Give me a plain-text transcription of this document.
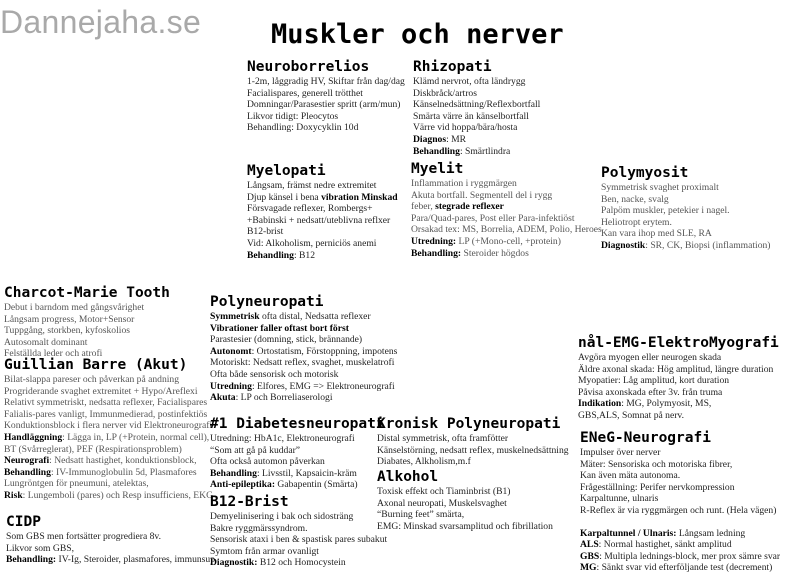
Dannejaha.se	Muskler och nerver
Neuroborrelios
1-2m, låggradig HV, Skiftar från dag/dag
Facialispares, generell trötthet
Domningar/Parasestier spritt (arm/mun)
Likvor tidigt: Pleocytos
Behandling: Doxycyklin 10d
Rhizopati
Klämd nervrot, ofta ländrygg
Diskbråck/artros
Känselnedsättning/Reflexbortfall
Smärta värre än känselbortfall
Värre vid hoppa/bära/hosta
Diagnos: MR
Behandling: Smärtlindra
Myelopati
Långsam, främst nedre extremitet
Djup känsel i bena vibration Minskad
Försvagade reflexer, Rombergs+
+Babinski + nedsatt/uteblivna reflxer
B12-brist
Vid: Alkoholism, perniciös anemi
Behandling: B12
Myelit
Inflammation i ryggmärgen
Akuta bortfall. Segmentell del i rygg
feber, stegrade reflexer
Para/Quad-pares, Post eller Para-infektiöst
Orsakad tex: MS, Borrelia, ADEM, Polio, Heroes
Utredning: LP (+Mono-cell, +protein)
Behandling: Steroider högdos
Polymyosit
Symmetrisk svaghet proximalt
Ben, nacke, svalg
Palpöm muskler, petekier i nagel.
Heliotropt erytem.
Kan vara ihop med SLE, RA
Diagnostik: SR, CK, Biopsi (inflammation)
Charcot-Marie Tooth
Debut i barndom med gångsvårighet
Långsam progress, Motor+Sensor
Tuppgång, storkben, kyfoskolios
Autosomalt dominant
Felställda leder och atrofi
Guillian Barre (Akut)
Bilat-slappa pareser och påverkan på andning
Progriderande svaghet extremitet + Hypo/Areflexi
Relativt symmetriskt, nedsatta reflexer, Facialispares
Falialis-pares vanligt, Immunmedierad, postinfektiös
Konduktionsblock i flera nerver vid Elektroneurografi
Handläggning: Lägga in, LP (+Protein, normal cell),
BT (Svårreglerat), PEF (Respirationsproblem)
Neurografi: Nedsatt hastighet, konduktionsblock,
Behandling: IV-Immunoglobulin 5d, Plasmafores
Lungröntgen för pneumuni, atelektas,
Risk: Lungemboli (pares) och Resp insufficiens, EKG
CIDP
Som GBS men fortsätter progrediera 8v.
Likvor som GBS,
Behandling: IV-Ig, Steroider, plasmafores, immunsup
Polyneuropati
Symmetrisk ofta distal, Nedsatta reflexer
Vibrationer faller oftast bort först
Parastesier (domning, stick, brännande)
Autonomt: Ortostatism, Förstoppning, impotens
Motoriskt: Nedsatt reflex, svaghet, muskelatrofi
Ofta både sensorisk och motorisk
Utredning: Elfores, EMG => Elektroneurografi
Akuta: LP och Borreliaserologi
#1 Diabetesneuropati
Utredning: HbA1c, Elektroneurografi
“Som att gå på kuddar”
Ofta också automon påverkan
Behandling: Livsstil, Kapsaicin-kräm
Anti-epileptika: Gabapentin (Smärta)
B12-Brist
Demyelinisering i bak och sidosträng
Bakre ryggmärssyndrom.
Sensorisk ataxi i ben & spastisk pares subakut
Symtom från armar ovanligt
Diagnostik: B12 och Homocystein
Kronisk Polyneuropati
Distal symmetrisk, ofta framfötter
Känselstörning, nedsatt reflex, muskelnedsättning
Diabates, Alkholism,m.f
Alkohol
Toxisk effekt och Tiaminbrist (B1)
Axonal neuropati, Muskelsvaghet
“Burning feet” smärta,
EMG: Minskad svarsamplitud och fibrillation
nål-EMG-ElektroMyografi
Avgöra myogen eller neurogen skada
Äldre axonal skada: Hög amplitud, längre duration
Myopatier: Låg amplitud, kort duration
Påvisa axonskada efter 3v. från truma
Indikation: MG, Polymyosit, MS,
GBS,ALS, Somnat på nerv.
ENeG-Neurografi
Impulser över nerver
Mäter: Sensoriska och motoriska fibrer,
Kan även mäta autonoma.
Frågeställning: Perifer nervkompression
Karpaltunne, ulnaris
R-Reflex är via ryggmärgen och runt. (Hela vägen)
Karpaltunnel / Ulnaris: Långsam ledning
ALS: Normal hastighet, sänkt amplitud
GBS: Multipla lednings-block, mer prox sämre svar
MG: Sänkt svar vid efterföljande test (decrement)
